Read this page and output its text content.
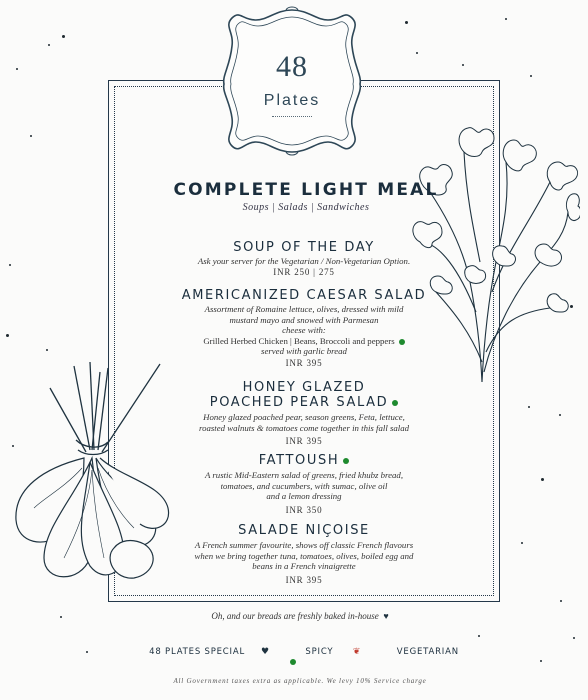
48
Plates
COMPLETE LIGHT MEAL
Soups | Salads | Sandwiches
SOUP OF THE DAY
Ask your server for the Vegetarian / Non-Vegetarian Option.
INR 250 | 275
AMERICANIZED CAESAR SALAD
Assortment of Romaine lettuce, olives, dressed with mild
mustard mayo and snowed with Parmesan
cheese with:
Grilled Herbed Chicken | Beans, Broccoli and peppers
served with garlic bread
INR 395
HONEY GLAZED
POACHED PEAR SALAD
Honey glazed poached pear, season greens, Feta, lettuce,
roasted walnuts & tomatoes come together in this fall salad
INR 395
FATTOUSH
A rustic Mid-Eastern salad of greens, fried khubz bread,
tomatoes, and cucumbers, with sumac, olive oil
and a lemon dressing
INR 350
SALADE NIÇOISE
A French summer favourite, shows off classic French flavours
when we bring together tuna, tomatoes, olives, boiled egg and
beans in a French vinaigrette
INR 395
Oh, and our breads are freshly baked in-house ♥
48 PLATES SPECIAL ♥	SPICY ❦	VEGETARIAN
All Government taxes extra as applicable. We levy 10% Service charge
